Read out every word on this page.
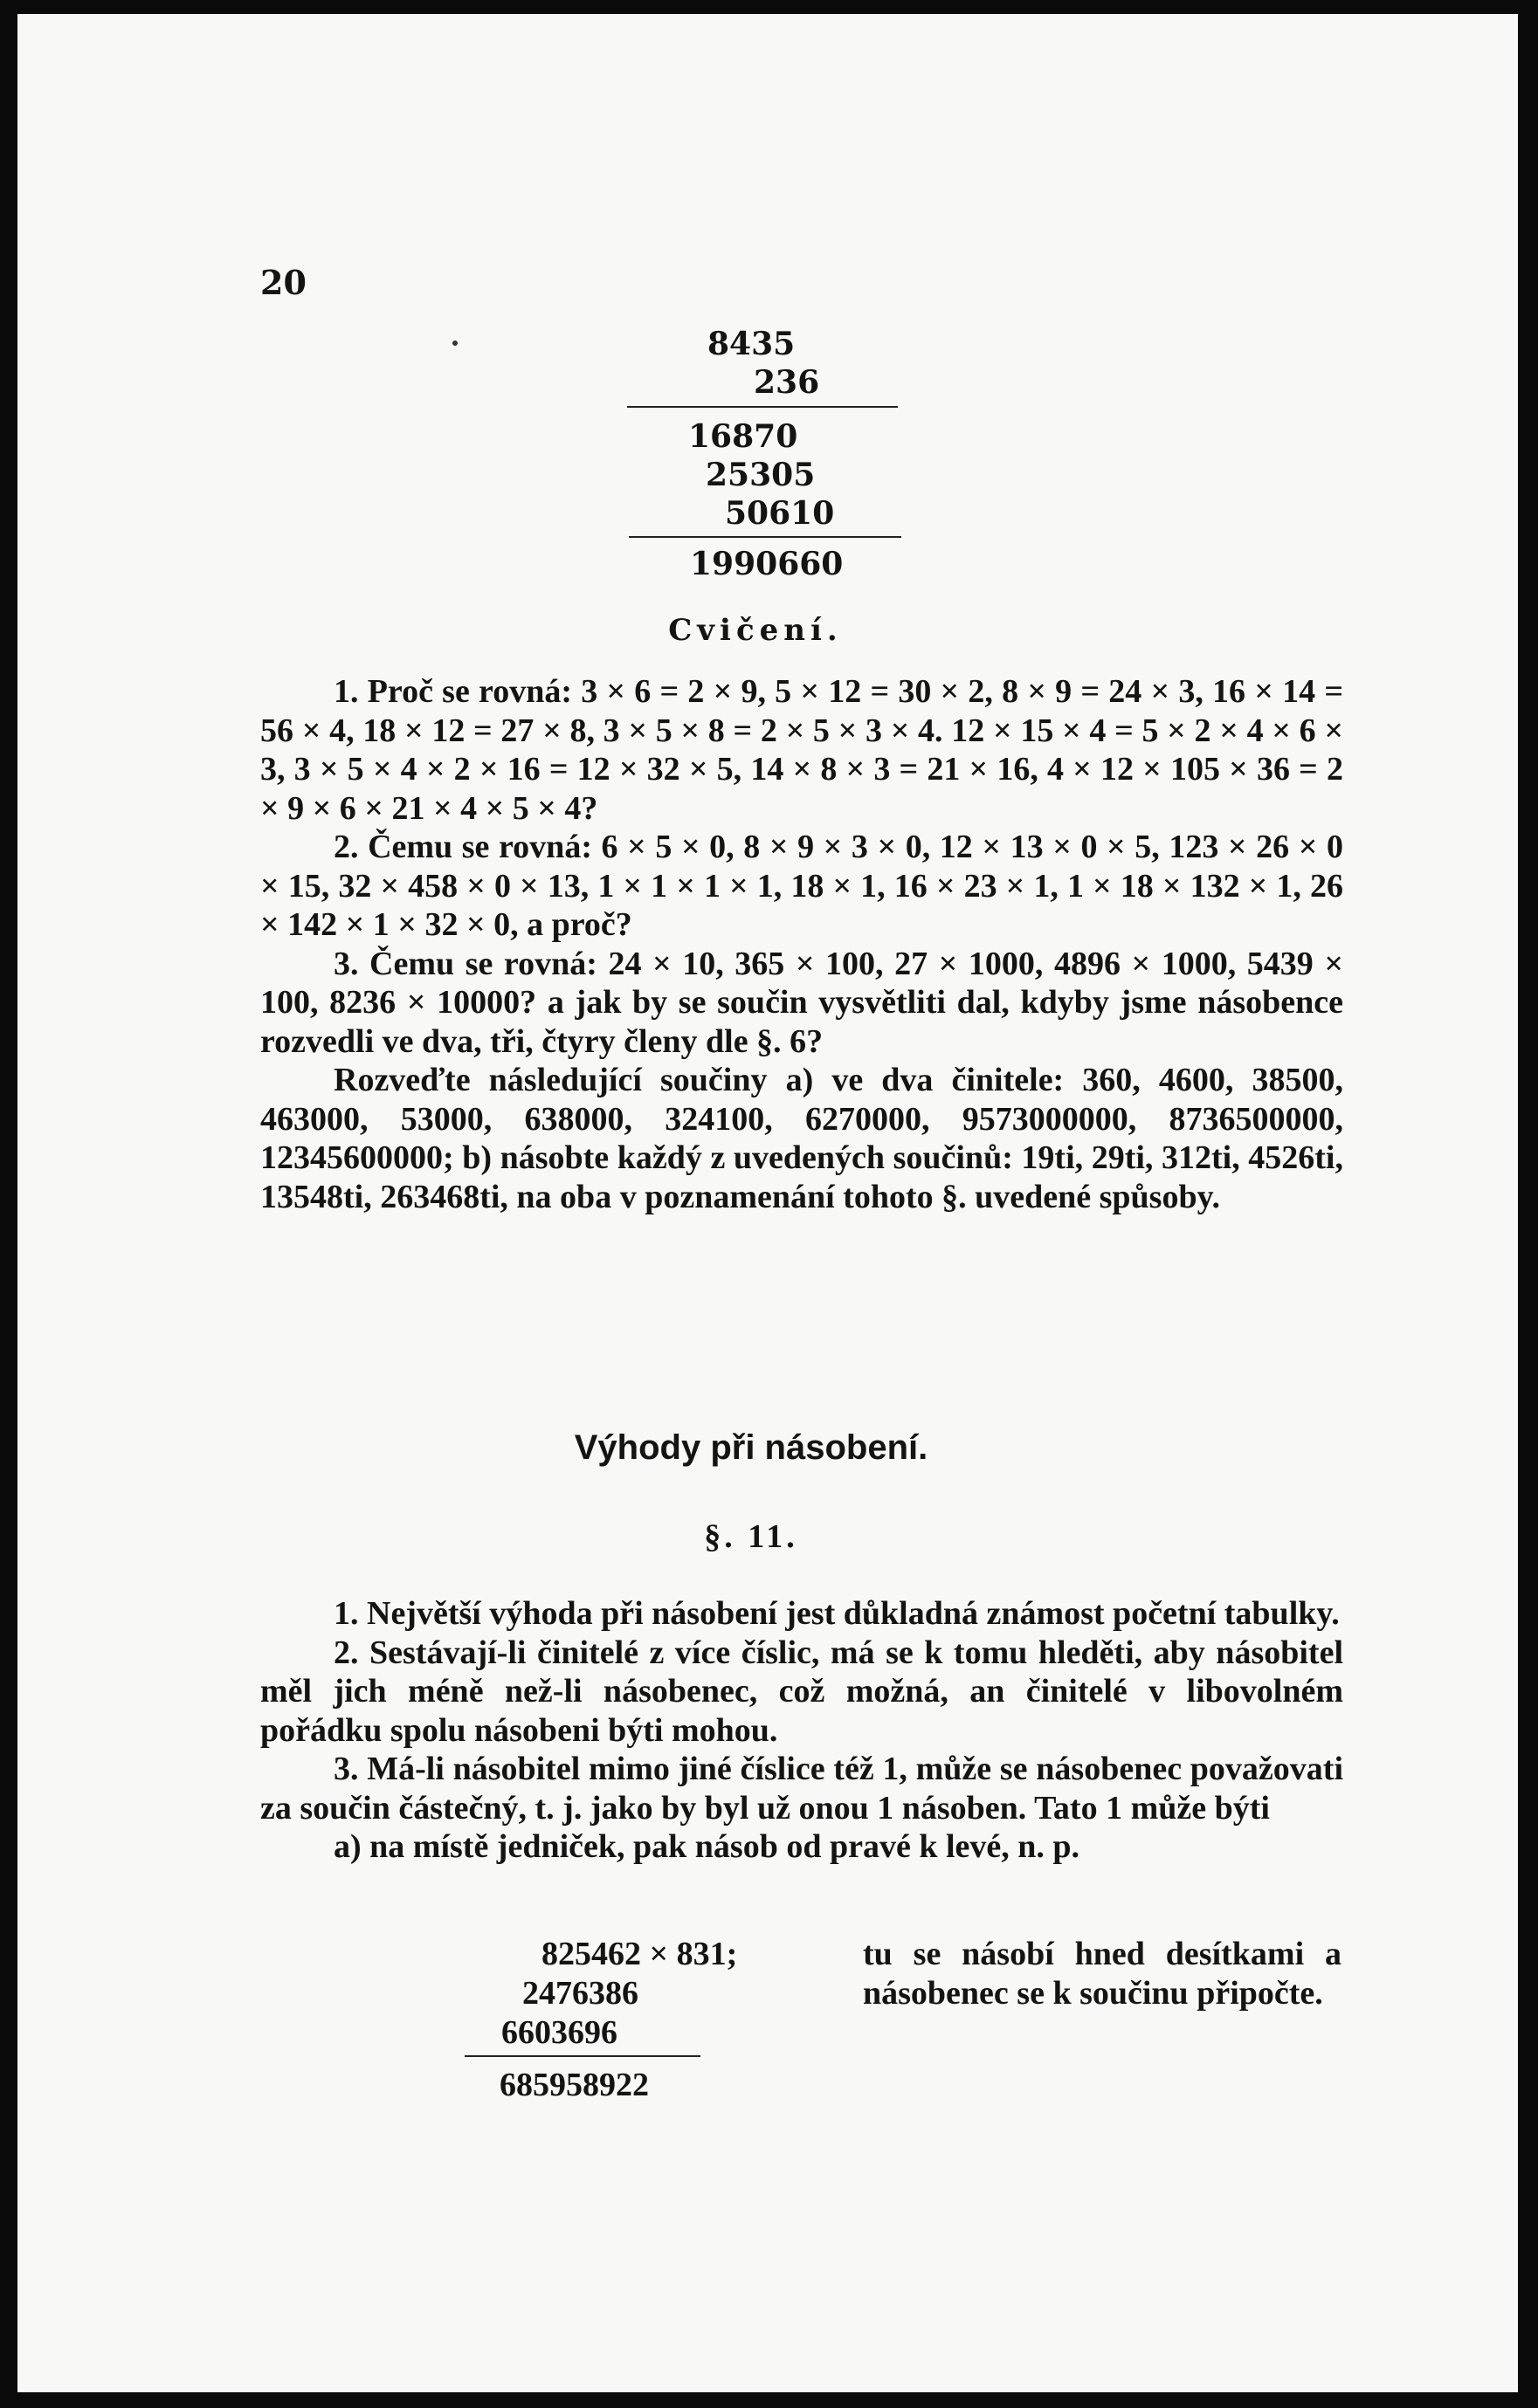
20
8435
236
16870
25305
50610
1990660
Cvičení.

1. Proč se rovná: 3 × 6 = 2 × 9, 5 × 12 = 30 × 2, 8 × 9 = 24 × 3, 16 × 14 = 56 × 4, 18 × 12 = 27 × 8, 3 × 5 × 8 = 2 × 5 × 3 × 4. 12 × 15 × 4 = 5 × 2 × 4 × 6 × 3, 3 × 5 × 4 × 2 × 16 = 12 × 32 × 5, 14 × 8 × 3 = 21 × 16, 4 × 12 × 105 × 36 = 2 × 9 × 6 × 21 × 4 × 5 × 4?

2. Čemu se rovná: 6 × 5 × 0, 8 × 9 × 3 × 0, 12 × 13 × 0 × 5, 123 × 26 × 0 × 15, 32 × 458 × 0 × 13, 1 × 1 × 1 × 1, 18 × 1, 16 × 23 × 1, 1 × 18 × 132 × 1, 26 × 142 × 1 × 32 × 0, a proč?

3. Čemu se rovná: 24 × 10, 365 × 100, 27 × 1000, 4896 × 1000, 5439 × 100, 8236 × 10000? a jak by se součin vysvětliti dal, kdyby jsme násobence rozvedli ve dva, tři, čtyry členy dle §. 6?

Rozveďte následující součiny a) ve dva činitele: 360, 4600, 38500, 463000, 53000, 638000, 324100, 6270000, 9573000000, 8736500000, 12345600000; b) násobte každý z uvedených součinů: 19ti, 29ti, 312ti, 4526ti, 13548ti, 263468ti, na oba v poznamenání tohoto §. uvedené spůsoby.

Výhody při násobení.
§. 11.

1. Největší výhoda při násobení jest důkladná známost početní tabulky.

2. Sestávají-li činitelé z více číslic, má se k tomu hleděti, aby násobitel měl jich méně než-li násobenec, což možná, an činitelé v libovolném pořádku spolu násobeni býti mohou.

3. Má-li násobitel mimo jiné číslice též 1, může se násobenec považovati za součin částečný, t. j. jako by byl už onou 1 násoben. Tato 1 může býti

a) na místě jedniček, pak násob od pravé k levé, n. p.

825462 × 831;
2476386
6603696
685958922
tu se násobí hned desítkami a násobenec se k součinu připočte.
